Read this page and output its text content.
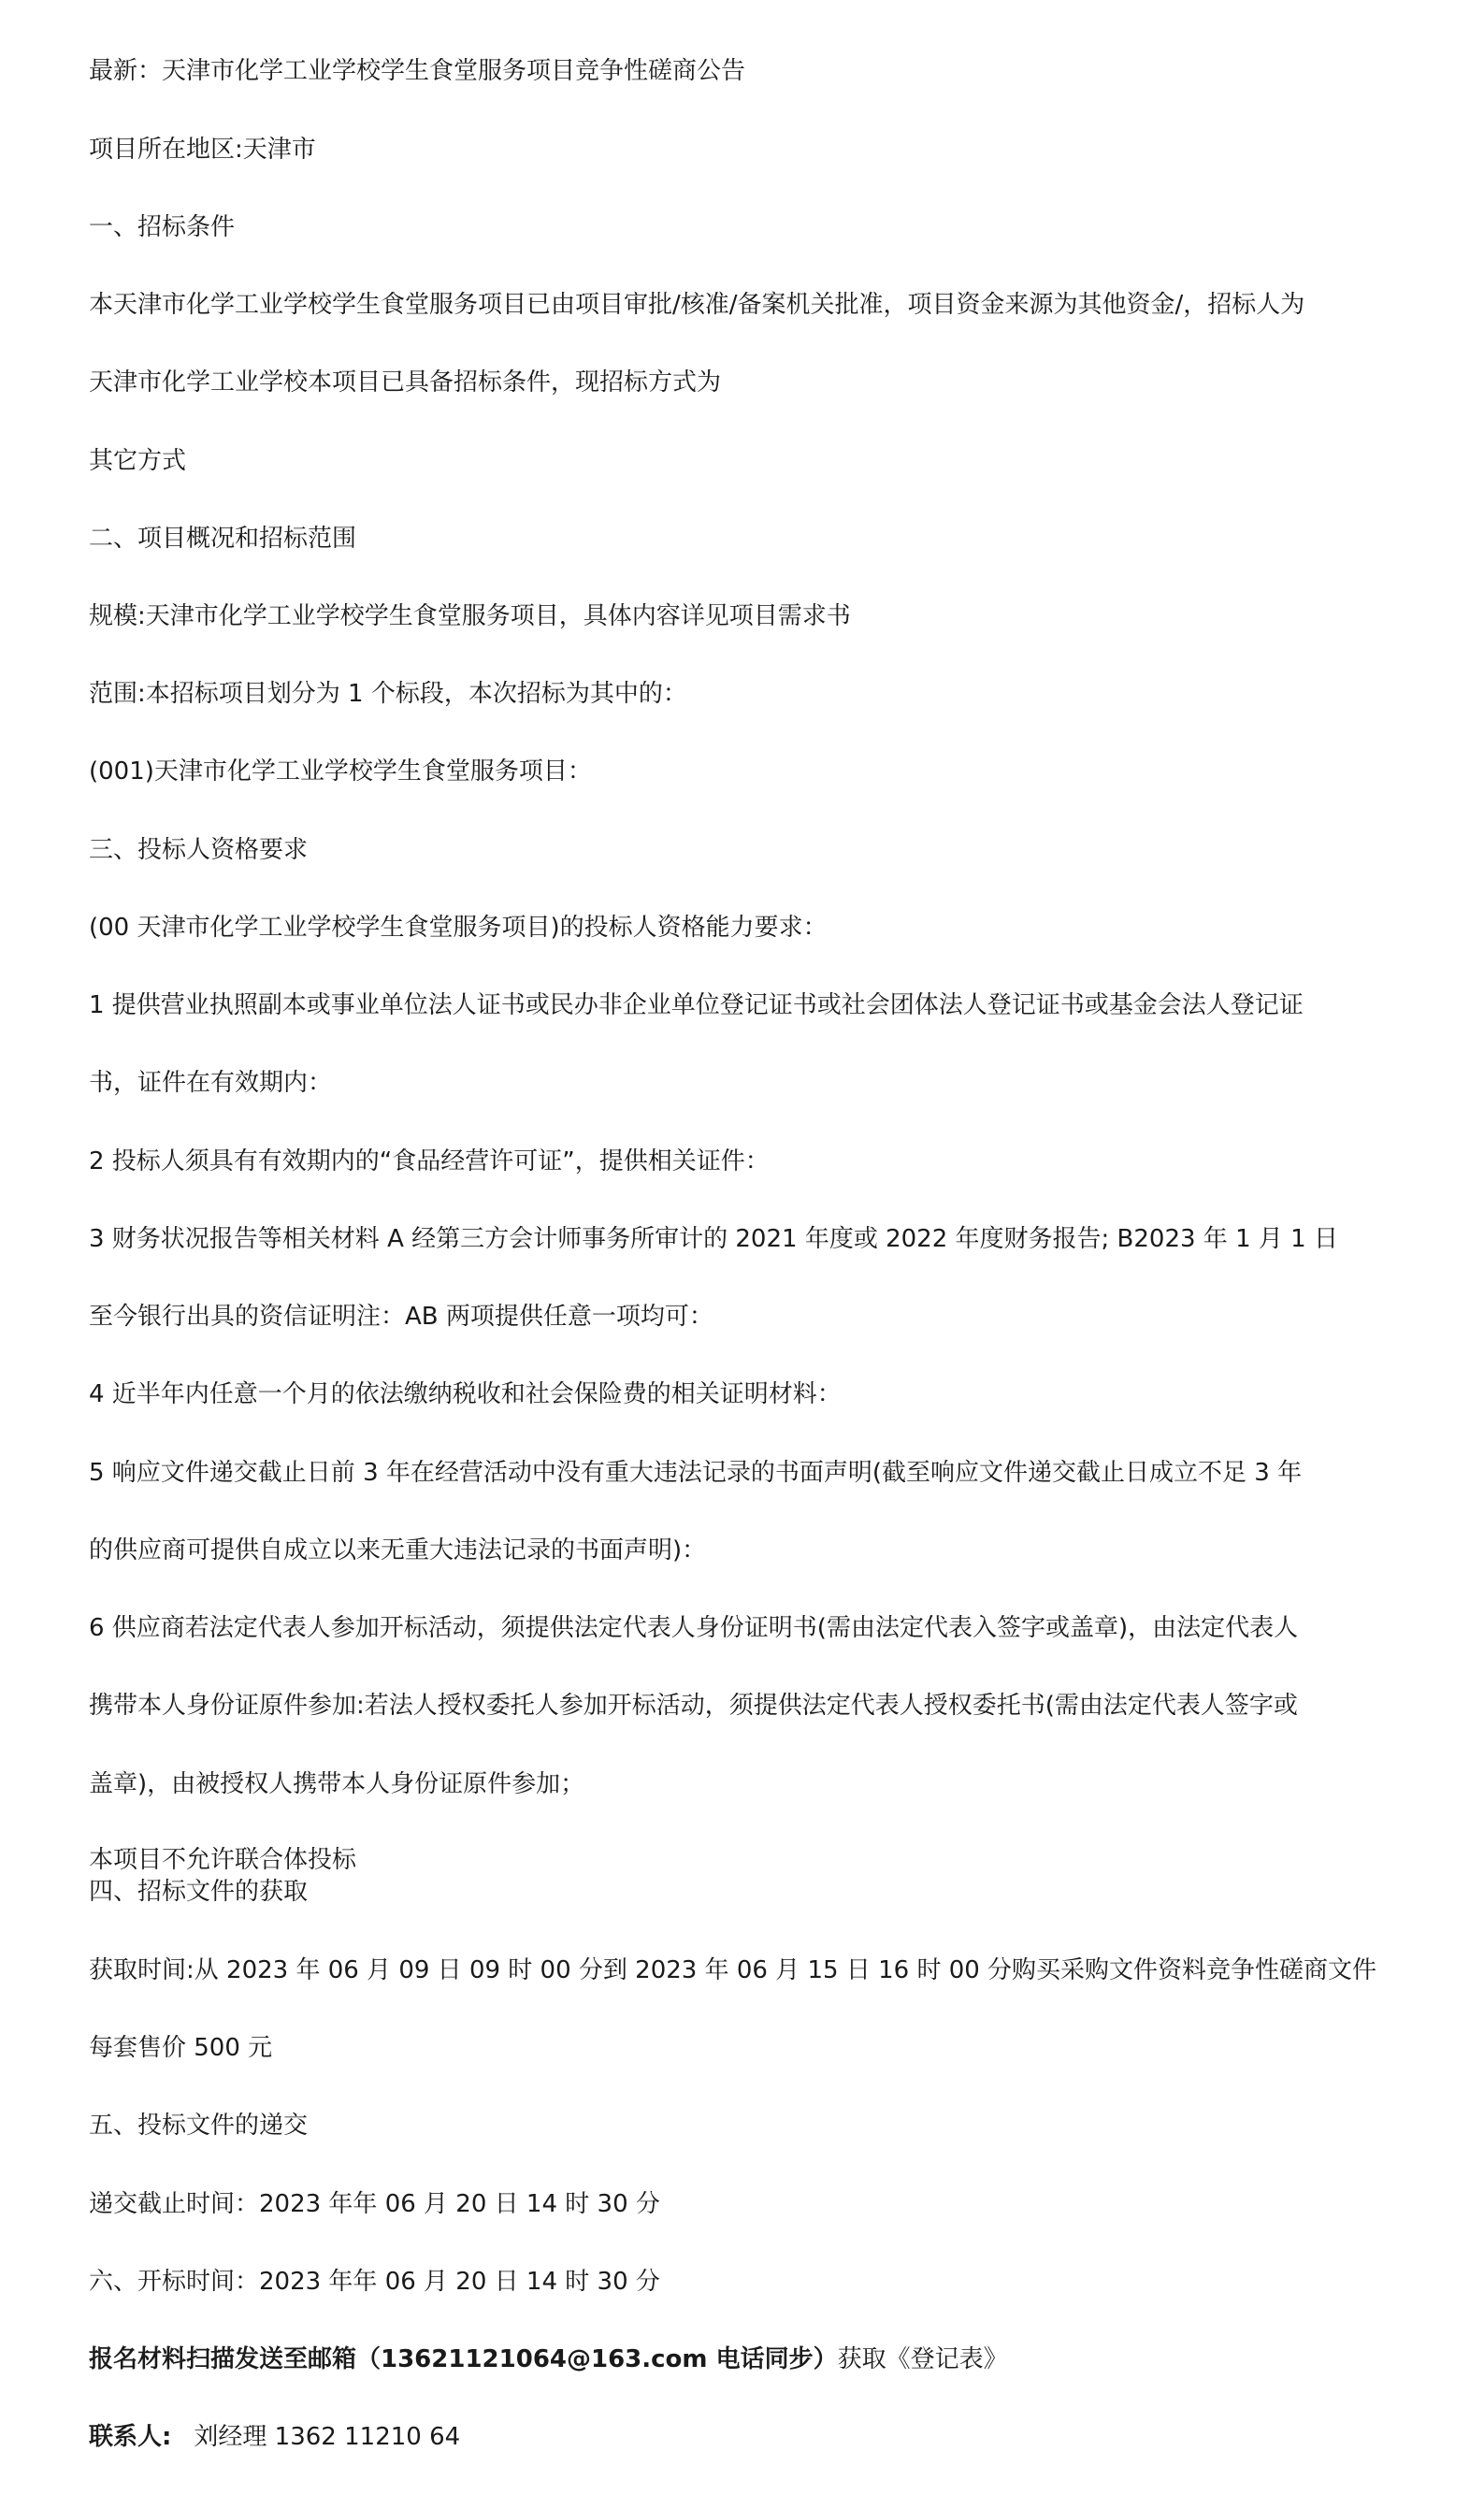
最新：天津市化学工业学校学生食堂服务项目竞争性磋商公告
项目所在地区:天津市
一、招标条件
本天津市化学工业学校学生食堂服务项目已由项目审批/核准/备案机关批准，项目资金来源为其他资金/，招标人为
天津市化学工业学校本项目已具备招标条件，现招标方式为
其它方式
二、项目概况和招标范围
规模:天津市化学工业学校学生食堂服务项目，具体内容详见项目需求书
范围:本招标项目划分为 1 个标段，本次招标为其中的：
(001)天津市化学工业学校学生食堂服务项目：
三、投标人资格要求
(00 天津市化学工业学校学生食堂服务项目)的投标人资格能力要求：
1 提供营业执照副本或事业单位法人证书或民办非企业单位登记证书或社会团体法人登记证书或基金会法人登记证
书，证件在有效期内：
2 投标人须具有有效期内的“食品经营许可证”，提供相关证件：
3 财务状况报告等相关材料 A 经第三方会计师事务所审计的 2021 年度或 2022 年度财务报告; B2023 年 1 月 1 日
至今银行出具的资信证明注：AB 两项提供任意一项均可：
4 近半年内任意一个月的依法缴纳税收和社会保险费的相关证明材料：
5 响应文件递交截止日前 3 年在经营活动中没有重大违法记录的书面声明(截至响应文件递交截止日成立不足 3 年
的供应商可提供自成立以来无重大违法记录的书面声明)：
6 供应商若法定代表人参加开标活动，须提供法定代表人身份证明书(需由法定代表入签字或盖章)，由法定代表人
携带本人身份证原件参加:若法人授权委托人参加开标活动，须提供法定代表人授权委托书(需由法定代表人签字或
盖章)，由被授权人携带本人身份证原件参加；
本项目不允许联合体投标
四、招标文件的获取
获取时间:从 2023 年 06 月 09 日 09 时 00 分到 2023 年 06 月 15 日 16 时 00 分购买采购文件资料竞争性磋商文件
每套售价 500 元
五、投标文件的递交
递交截止时间：2023 年年 06 月 20 日 14 时 30 分
六、开标时间：2023 年年 06 月 20 日 14 时 30 分
报名材料扫描发送至邮箱（13621121064@163.com 电话同步）获取《登记表》
联系人: 刘经理 1362 11210 64
